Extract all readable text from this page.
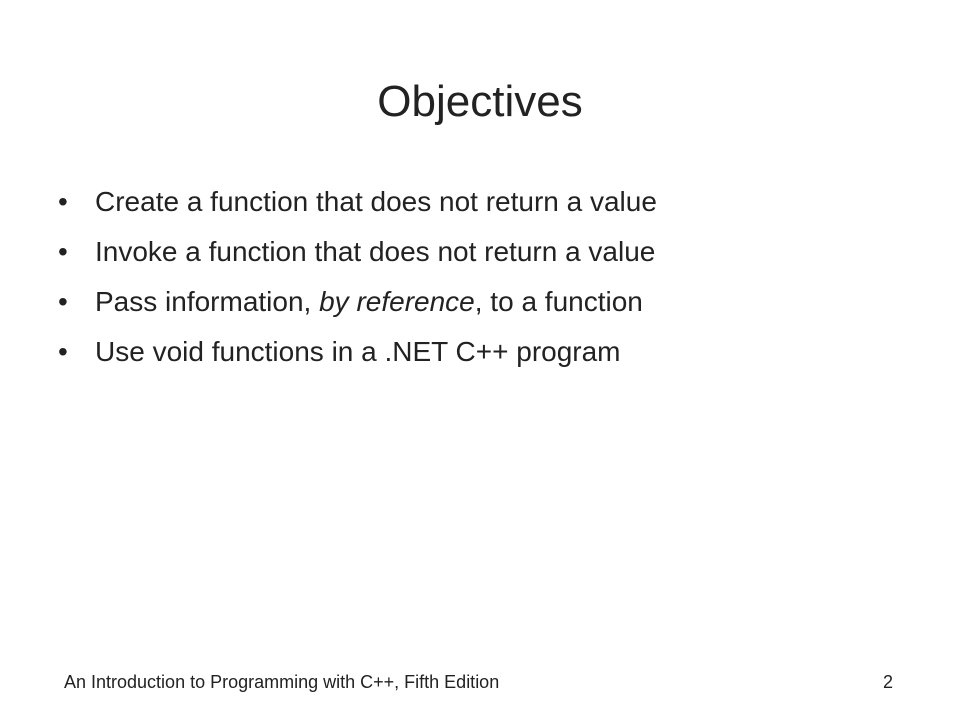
Objectives
• Create a function that does not return a value
• Invoke a function that does not return a value
• Pass information, by reference, to a function
• Use void functions in a .NET C++ program
An Introduction to Programming with C++, Fifth Edition	2
